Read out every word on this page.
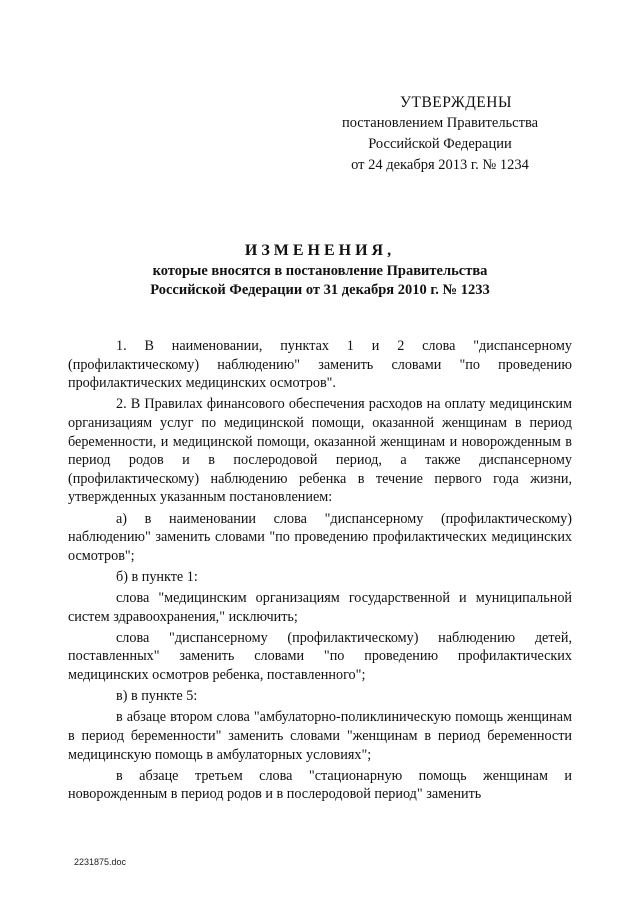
УТВЕРЖДЕНЫ
постановлением Правительства
Российской Федерации
от 24 декабря 2013 г. № 1234
ИЗМЕНЕНИЯ,
которые вносятся в постановление Правительства
Российской Федерации от 31 декабря 2010 г. № 1233

1. В наименовании, пунктах 1 и 2 слова "диспансерному (профилактическому) наблюдению" заменить словами "по проведению профилактических медицинских осмотров".

2. В Правилах финансового обеспечения расходов на оплату медицинским организациям услуг по медицинской помощи, оказанной женщинам в период беременности, и медицинской помощи, оказанной женщинам и новорожденным в период родов и в послеродовой период, а также диспансерному (профилактическому) наблюдению ребенка в течение первого года жизни, утвержденных указанным постановлением:

а) в наименовании слова "диспансерному (профилактическому) наблюдению" заменить словами "по проведению профилактических медицинских осмотров";

б) в пункте 1:

слова "медицинским организациям государственной и муниципальной систем здравоохранения," исключить;

слова "диспансерному (профилактическому) наблюдению детей, поставленных" заменить словами "по проведению профилактических медицинских осмотров ребенка, поставленного";

в) в пункте 5:

в абзаце втором слова "амбулаторно-поликлиническую помощь женщинам в период беременности" заменить словами "женщинам в период беременности медицинскую помощь в амбулаторных условиях";

в абзаце третьем слова "стационарную помощь женщинам и новорожденным в период родов и в послеродовой период" заменить

2231875.doc
